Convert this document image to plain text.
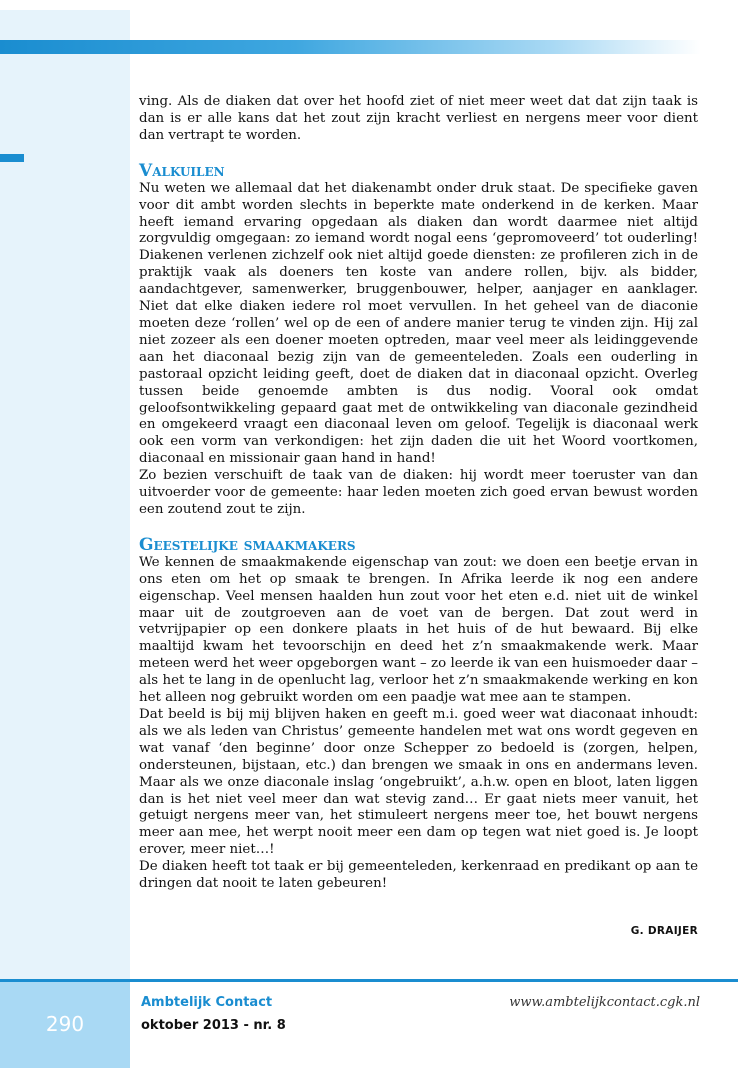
ving. Als de diaken dat over het hoofd ziet of niet meer weet dat dat zijn taak is dan is er alle kans dat het zout zijn kracht verliest en nergens meer voor dient dan vertrapt te worden.

Valkuilen

Nu weten we allemaal dat het diakenambt onder druk staat. De specifieke gaven voor dit ambt worden slechts in beperkte mate onderkend in de kerken. Maar heeft iemand ervaring opgedaan als diaken dan wordt daarmee niet altijd zorgvuldig omgegaan: zo iemand wordt nogal eens ‘gepromoveerd’ tot ouderling! Diakenen verlenen zichzelf ook niet altijd goede diensten: ze profileren zich in de praktijk vaak als doeners ten koste van andere rollen, bijv. als bidder, aandachtgever, samenwerker, bruggenbouwer, helper, aanjager en aanklager. Niet dat elke diaken iedere rol moet vervullen. In het geheel van de diaconie moeten deze ‘rollen’ wel op de een of andere manier terug te vinden zijn. Hij zal niet zozeer als een doener moeten optreden, maar veel meer als leidinggevende aan het diaconaal bezig zijn van de gemeenteleden. Zoals een ouderling in pastoraal opzicht leiding geeft, doet de diaken dat in diaconaal opzicht. Overleg tussen beide genoemde ambten is dus nodig. Vooral ook omdat geloofsontwikkeling gepaard gaat met de ontwikkeling van diaconale gezindheid en omgekeerd vraagt een diaconaal leven om geloof. Tegelijk is diaconaal werk ook een vorm van verkondigen: het zijn daden die uit het Woord voortkomen, diaconaal en missionair gaan hand in hand!

Zo bezien verschuift de taak van de diaken: hij wordt meer toeruster van dan uitvoerder voor de gemeente: haar leden moeten zich goed ervan bewust worden een zoutend zout te zijn.

Geestelijke smaakmakers

We kennen de smaakmakende eigenschap van zout: we doen een beetje ervan in ons eten om het op smaak te brengen. In Afrika leerde ik nog een andere eigenschap. Veel mensen haalden hun zout voor het eten e.d. niet uit de winkel maar uit de zoutgroeven aan de voet van de bergen. Dat zout werd in vetvrijpapier op een donkere plaats in het huis of de hut bewaard. Bij elke maaltijd kwam het tevoorschijn en deed het z’n smaakmakende werk. Maar meteen werd het weer opgeborgen want – zo leerde ik van een huismoeder daar – als het te lang in de openlucht lag, verloor het z’n smaakmakende werking en kon het alleen nog gebruikt worden om een paadje wat mee aan te stampen.

Dat beeld is bij mij blijven haken en geeft m.i. goed weer wat diaconaat inhoudt: als we als leden van Christus’ gemeente handelen met wat ons wordt gegeven en wat vanaf ‘den beginne’ door onze Schepper zo bedoeld is (zorgen, helpen, ondersteunen, bijstaan, etc.) dan brengen we smaak in ons en andermans leven. Maar als we onze diaconale inslag ‘ongebruikt’, a.h.w. open en bloot, laten liggen dan is het niet veel meer dan wat stevig zand… Er gaat niets meer vanuit, het getuigt nergens meer van, het stimuleert nergens meer toe, het bouwt nergens meer aan mee, het werpt nooit meer een dam op tegen wat niet goed is. Je loopt erover, meer niet…!

De diaken heeft tot taak er bij gemeenteleden, kerkenraad en predikant op aan te dringen dat nooit te laten gebeuren!

G. DRAIJER
290
Ambtelijk Contact
oktober 2013 - nr. 8
www.ambtelijkcontact.cgk.nl
